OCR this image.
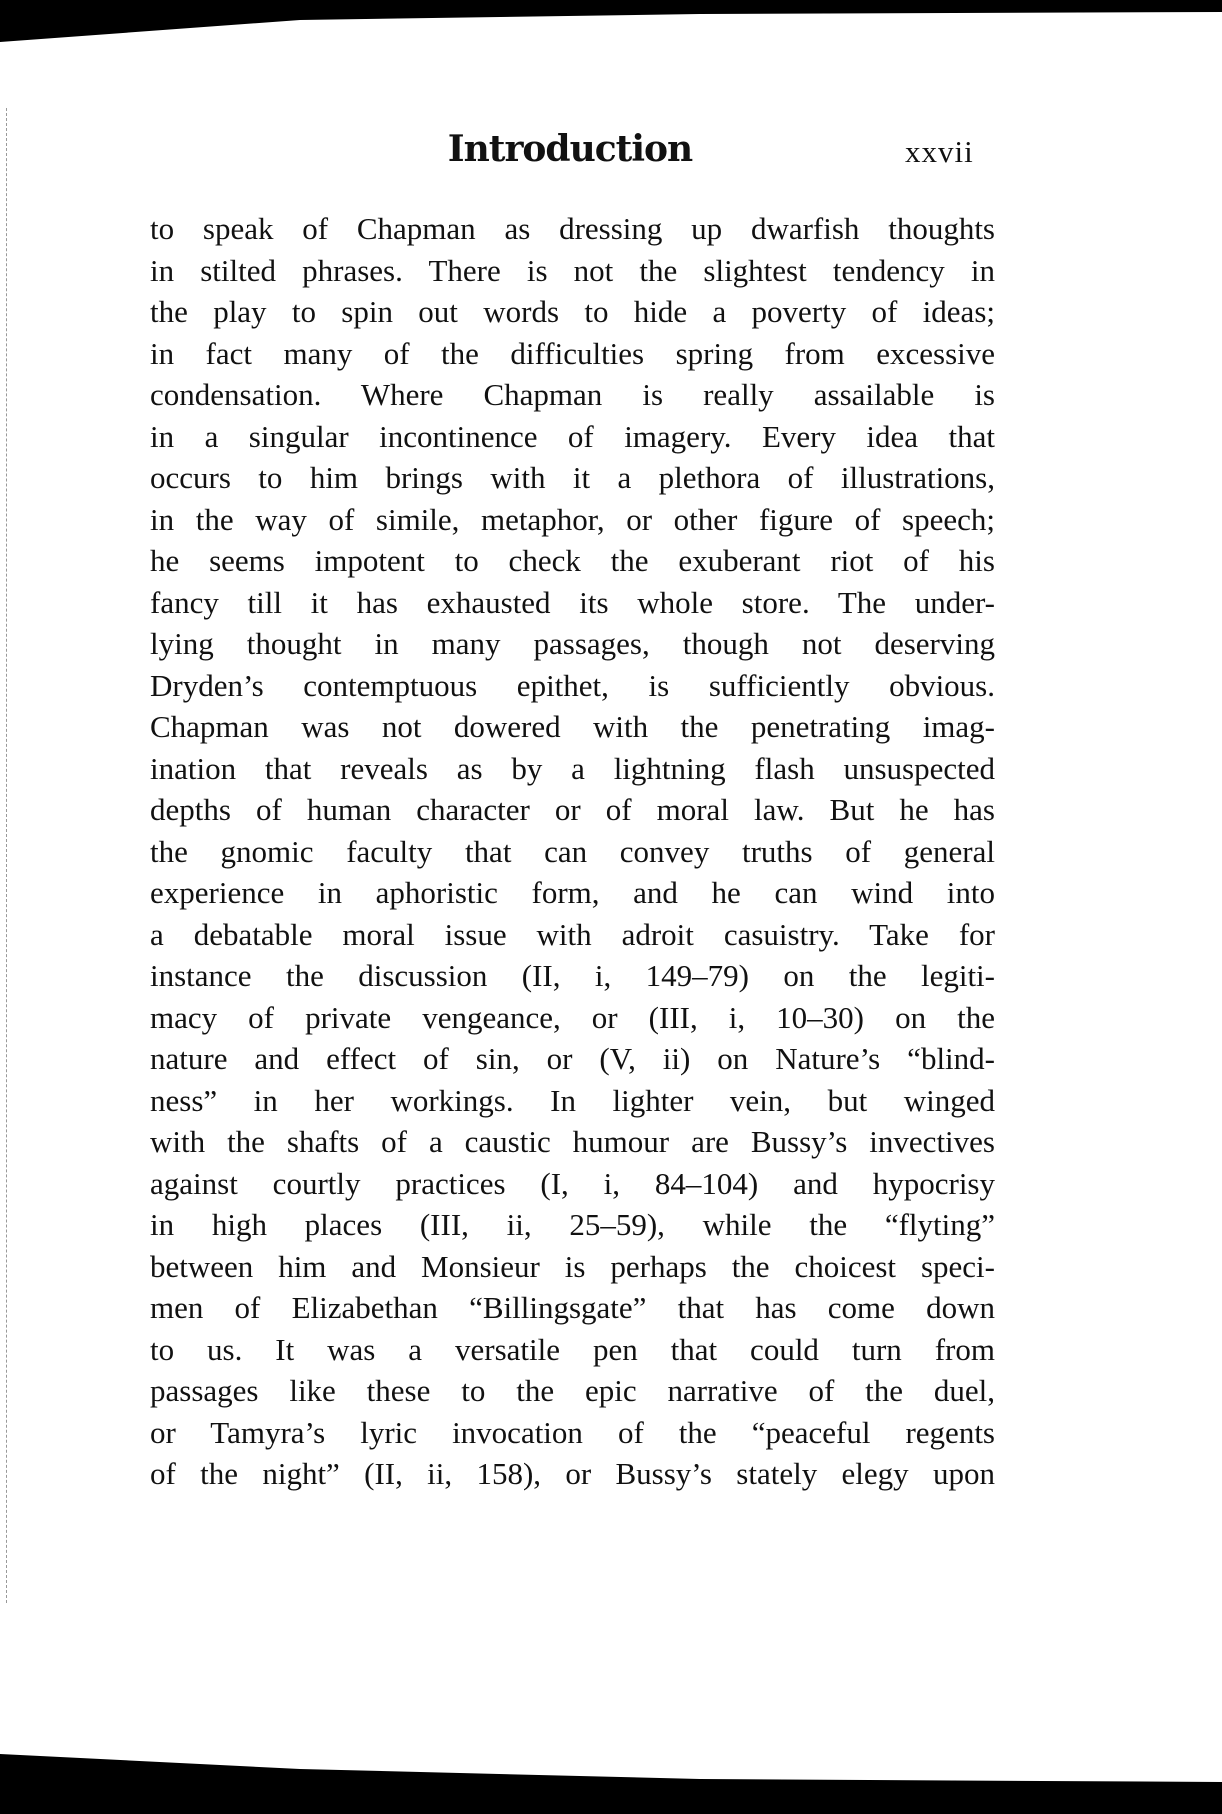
Introduction	xxvii
to speak of Chapman as dressing up dwarfish thoughts
in stilted phrases. There is not the slightest tendency in
the play to spin out words to hide a poverty of ideas;
in fact many of the difficulties spring from excessive
condensation. Where Chapman is really assailable is
in a singular incontinence of imagery. Every idea that
occurs to him brings with it a plethora of illustrations,
in the way of simile, metaphor, or other figure of speech;
he seems impotent to check the exuberant riot of his
fancy till it has exhausted its whole store. The under-
lying thought in many passages, though not deserving
Dryden’s contemptuous epithet, is sufficiently obvious.
Chapman was not dowered with the penetrating imag-
ination that reveals as by a lightning flash unsuspected
depths of human character or of moral law. But he has
the gnomic faculty that can convey truths of general
experience in aphoristic form, and he can wind into
a debatable moral issue with adroit casuistry. Take for
instance the discussion (II, i, 149–79) on the legiti-
macy of private vengeance, or (III, i, 10–30) on the
nature and effect of sin, or (V, ii) on Nature’s “blind-
ness” in her workings. In lighter vein, but winged
with the shafts of a caustic humour are Bussy’s invectives
against courtly practices (I, i, 84–104) and hypocrisy
in high places (III, ii, 25–59), while the “flyting”
between him and Monsieur is perhaps the choicest speci-
men of Elizabethan “Billingsgate” that has come down
to us. It was a versatile pen that could turn from
passages like these to the epic narrative of the duel,
or Tamyra’s lyric invocation of the “peaceful regents
of the night” (II, ii, 158), or Bussy’s stately elegy upon
